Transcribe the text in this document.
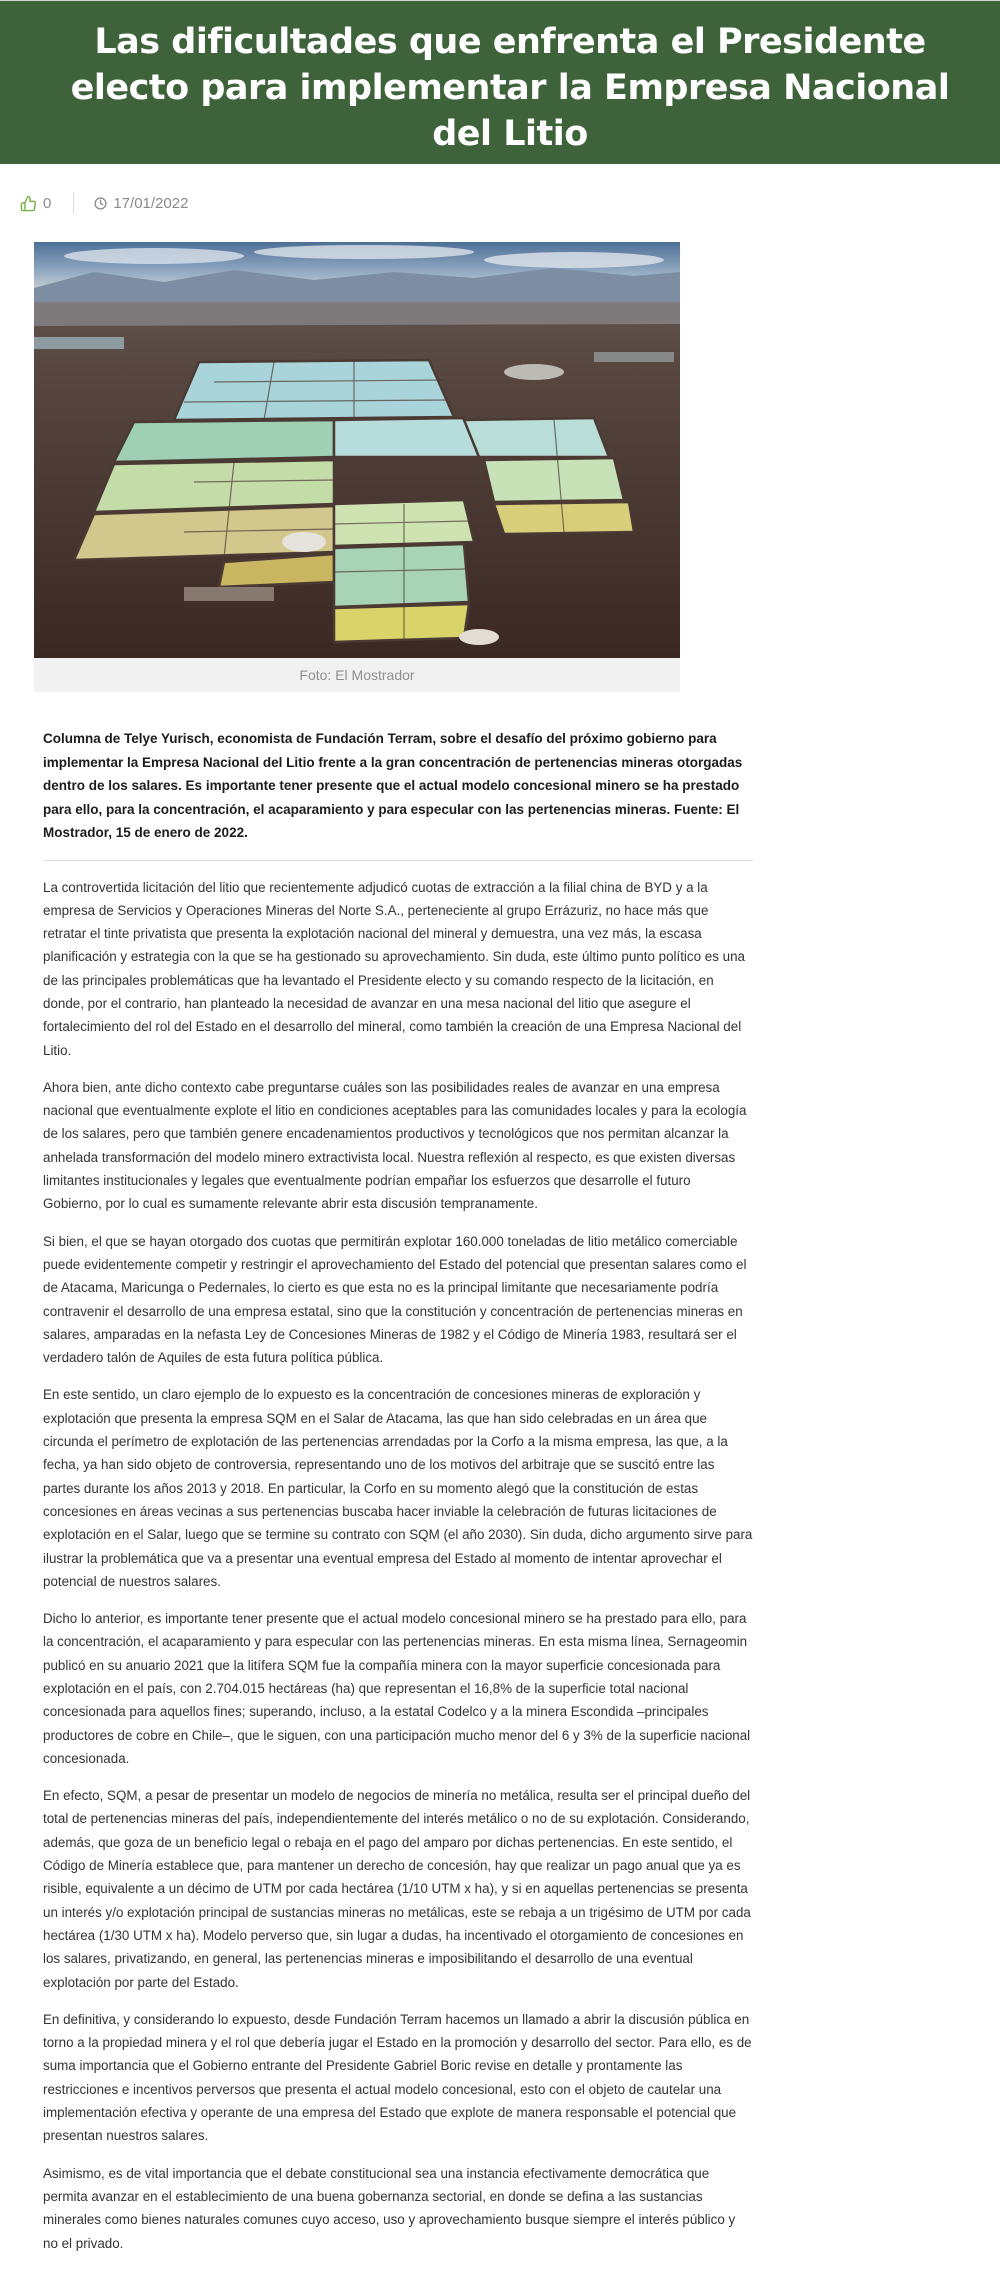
Las dificultades que enfrenta el Presidente electo para implementar la Empresa Nacional del Litio
0	17/01/2022
Foto: El Mostrador

Columna de Telye Yurisch, economista de Fundación Terram, sobre el desafío del próximo gobierno para implementar la Empresa Nacional del Litio frente a la gran concentración de pertenencias mineras otorgadas dentro de los salares. Es importante tener presente que el actual modelo concesional minero se ha prestado para ello, para la concentración, el acaparamiento y para especular con las pertenencias mineras. Fuente: El Mostrador, 15 de enero de 2022.

La controvertida licitación del litio que recientemente adjudicó cuotas de extracción a la filial china de BYD y a la empresa de Servicios y Operaciones Mineras del Norte S.A., perteneciente al grupo Errázuriz, no hace más que retratar el tinte privatista que presenta la explotación nacional del mineral y demuestra, una vez más, la escasa planificación y estrategia con la que se ha gestionado su aprovechamiento. Sin duda, este último punto político es una de las principales problemáticas que ha levantado el Presidente electo y su comando respecto de la licitación, en donde, por el contrario, han planteado la necesidad de avanzar en una mesa nacional del litio que asegure el fortalecimiento del rol del Estado en el desarrollo del mineral, como también la creación de una Empresa Nacional del Litio.

Ahora bien, ante dicho contexto cabe preguntarse cuáles son las posibilidades reales de avanzar en una empresa nacional que eventualmente explote el litio en condiciones aceptables para las comunidades locales y para la ecología de los salares, pero que también genere encadenamientos productivos y tecnológicos que nos permitan alcanzar la anhelada transformación del modelo minero extractivista local. Nuestra reflexión al respecto, es que existen diversas limitantes institucionales y legales que eventualmente podrían empañar los esfuerzos que desarrolle el futuro Gobierno, por lo cual es sumamente relevante abrir esta discusión tempranamente.

Si bien, el que se hayan otorgado dos cuotas que permitirán explotar 160.000 toneladas de litio metálico comerciable puede evidentemente competir y restringir el aprovechamiento del Estado del potencial que presentan salares como el de Atacama, Maricunga o Pedernales, lo cierto es que esta no es la principal limitante que necesariamente podría contravenir el desarrollo de una empresa estatal, sino que la constitución y concentración de pertenencias mineras en salares, amparadas en la nefasta Ley de Concesiones Mineras de 1982 y el Código de Minería 1983, resultará ser el verdadero talón de Aquiles de esta futura política pública.

En este sentido, un claro ejemplo de lo expuesto es la concentración de concesiones mineras de exploración y explotación que presenta la empresa SQM en el Salar de Atacama, las que han sido celebradas en un área que circunda el perímetro de explotación de las pertenencias arrendadas por la Corfo a la misma empresa, las que, a la fecha, ya han sido objeto de controversia, representando uno de los motivos del arbitraje que se suscitó entre las partes durante los años 2013 y 2018. En particular, la Corfo en su momento alegó que la constitución de estas concesiones en áreas vecinas a sus pertenencias buscaba hacer inviable la celebración de futuras licitaciones de explotación en el Salar, luego que se termine su contrato con SQM (el año 2030). Sin duda, dicho argumento sirve para ilustrar la problemática que va a presentar una eventual empresa del Estado al momento de intentar aprovechar el potencial de nuestros salares.

Dicho lo anterior, es importante tener presente que el actual modelo concesional minero se ha prestado para ello, para la concentración, el acaparamiento y para especular con las pertenencias mineras. En esta misma línea, Sernageomin publicó en su anuario 2021 que la litífera SQM fue la compañía minera con la mayor superficie concesionada para explotación en el país, con 2.704.015 hectáreas (ha) que representan el 16,8% de la superficie total nacional concesionada para aquellos fines; superando, incluso, a la estatal Codelco y a la minera Escondida –principales productores de cobre en Chile–, que le siguen, con una participación mucho menor del 6 y 3% de la superficie nacional concesionada.

En efecto, SQM, a pesar de presentar un modelo de negocios de minería no metálica, resulta ser el principal dueño del total de pertenencias mineras del país, independientemente del interés metálico o no de su explotación. Considerando, además, que goza de un beneficio legal o rebaja en el pago del amparo por dichas pertenencias. En este sentido, el Código de Minería establece que, para mantener un derecho de concesión, hay que realizar un pago anual que ya es risible, equivalente a un décimo de UTM por cada hectárea (1/10 UTM x ha), y si en aquellas pertenencias se presenta un interés y/o explotación principal de sustancias mineras no metálicas, este se rebaja a un trigésimo de UTM por cada hectárea (1/30 UTM x ha). Modelo perverso que, sin lugar a dudas, ha incentivado el otorgamiento de concesiones en los salares, privatizando, en general, las pertenencias mineras e imposibilitando el desarrollo de una eventual explotación por parte del Estado.

En definitiva, y considerando lo expuesto, desde Fundación Terram hacemos un llamado a abrir la discusión pública en torno a la propiedad minera y el rol que debería jugar el Estado en la promoción y desarrollo del sector. Para ello, es de suma importancia que el Gobierno entrante del Presidente Gabriel Boric revise en detalle y prontamente las restricciones e incentivos perversos que presenta el actual modelo concesional, esto con el objeto de cautelar una implementación efectiva y operante de una empresa del Estado que explote de manera responsable el potencial que presentan nuestros salares.

Asimismo, es de vital importancia que el debate constitucional sea una instancia efectivamente democrática que permita avanzar en el establecimiento de una buena gobernanza sectorial, en donde se defina a las sustancias minerales como bienes naturales comunes cuyo acceso, uso y aprovechamiento busque siempre el interés público y no el privado.
